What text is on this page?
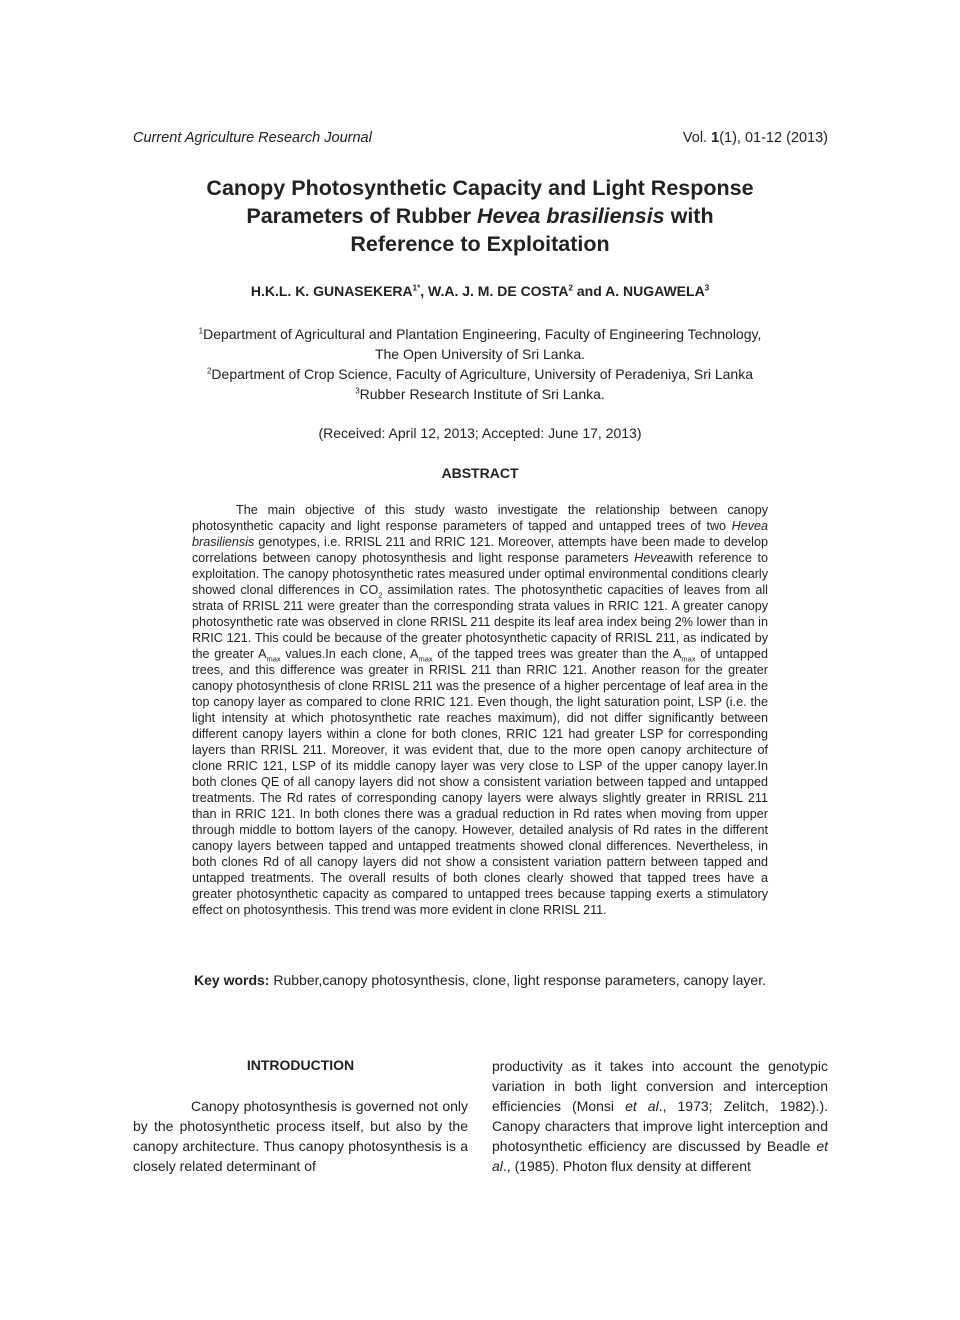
Current Agriculture Research Journal	Vol. 1(1), 01-12 (2013)
Canopy Photosynthetic Capacity and Light Response
Parameters of Rubber Hevea brasiliensis with
Reference to Exploitation
H.K.L. K. $GUNASEKERA^{1*}$, W.A. J. M. DE COSTA$^2$ and A. NUGAWELA$^3$
$^1$Department of Agricultural and Plantation Engineering, Faculty of Engineering Technology,
The Open University of Sri Lanka.
$^2$Department of Crop Science, Faculty of Agriculture, University of Peradeniya, Sri Lanka
$^3$Rubber Research Institute of Sri Lanka.
(Received: April 12, 2013; Accepted: June 17, 2013)
ABSTRACT

The main objective of this study wasto investigate the relationship between canopy photosynthetic capacity and light response parameters of tapped and untapped trees of two Hevea brasiliensis genotypes, i.e. RRISL 211 and RRIC 121. Moreover, attempts have been made to develop correlations between canopy photosynthesis and light response parameters Heveawith reference to exploitation. The canopy photosynthetic rates measured under optimal environmental conditions clearly showed clonal differences in $CO_2$ assimilation rates. The photosynthetic capacities of leaves from all strata of RRISL 211 were greater than the corresponding strata values in RRIC 121. A greater canopy photosynthetic rate was observed in clone RRISL 211 despite its leaf area index being 2% lower than in RRIC 121. This could be because of the greater photosynthetic capacity of RRISL 211, as indicated by the greater $A_{max}$ values.In each clone, $A_{max}$ of the tapped trees was greater than the $A_{max}$ of untapped trees, and this difference was greater in RRISL 211 than RRIC 121. Another reason for the greater canopy photosynthesis of clone RRISL 211 was the presence of a higher percentage of leaf area in the top canopy layer as compared to clone RRIC 121. Even though, the light saturation point, LSP (i.e. the light intensity at which photosynthetic rate reaches maximum), did not differ significantly between different canopy layers within a clone for both clones, RRIC 121 had greater LSP for corresponding layers than RRISL 211. Moreover, it was evident that, due to the more open canopy architecture of clone RRIC 121, LSP of its middle canopy layer was very close to LSP of the upper canopy layer.In both clones QE of all canopy layers did not show a consistent variation between tapped and untapped treatments. The Rd rates of corresponding canopy layers were always slightly greater in RRISL 211 than in RRIC 121. In both clones there was a gradual reduction in Rd rates when moving from upper through middle to bottom layers of the canopy. However, detailed analysis of Rd rates in the different canopy layers between tapped and untapped treatments showed clonal differences. Nevertheless, in both clones Rd of all canopy layers did not show a consistent variation pattern between tapped and untapped treatments. The overall results of both clones clearly showed that tapped trees have a greater photosynthetic capacity as compared to untapped trees because tapping exerts a stimulatory effect on photosynthesis. This trend was more evident in clone RRISL 211.

Key words: Rubber,canopy photosynthesis, clone, light response parameters, canopy layer.
INTRODUCTION

Canopy photosynthesis is governed not only by the photosynthetic process itself, but also by the canopy architecture. Thus canopy photosynthesis is a closely related determinant of

productivity as it takes into account the genotypic variation in both light conversion and interception efficiencies (Monsi et al., 1973; Zelitch, 1982).). Canopy characters that improve light interception and photosynthetic efficiency are discussed by Beadle et al., (1985). Photon flux density at different
